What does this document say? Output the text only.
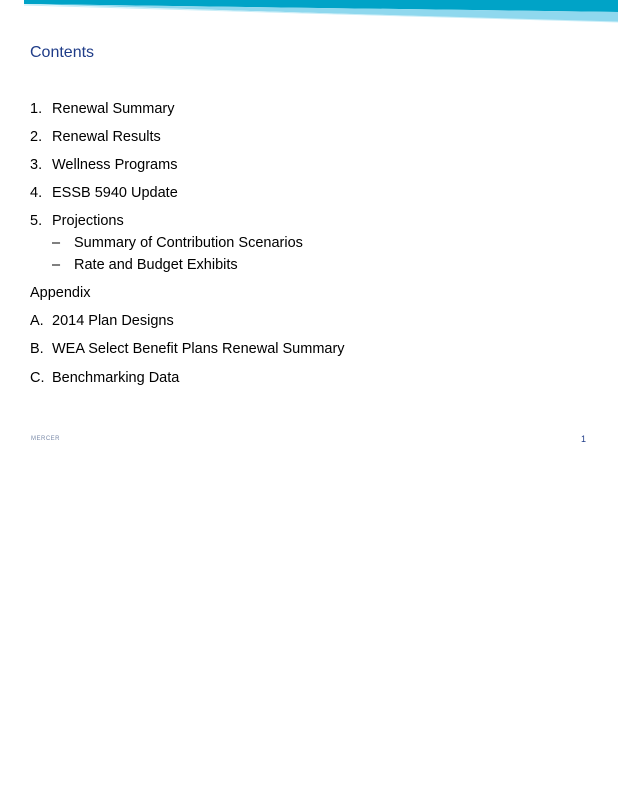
Contents
1. Renewal Summary
2. Renewal Results
3. Wellness Programs
4. ESSB 5940 Update
5. Projections
– Summary of Contribution Scenarios
– Rate and Budget Exhibits
Appendix
A. 2014 Plan Designs
B. WEA Select Benefit Plans Renewal Summary
C. Benchmarking Data
MERCER	1
